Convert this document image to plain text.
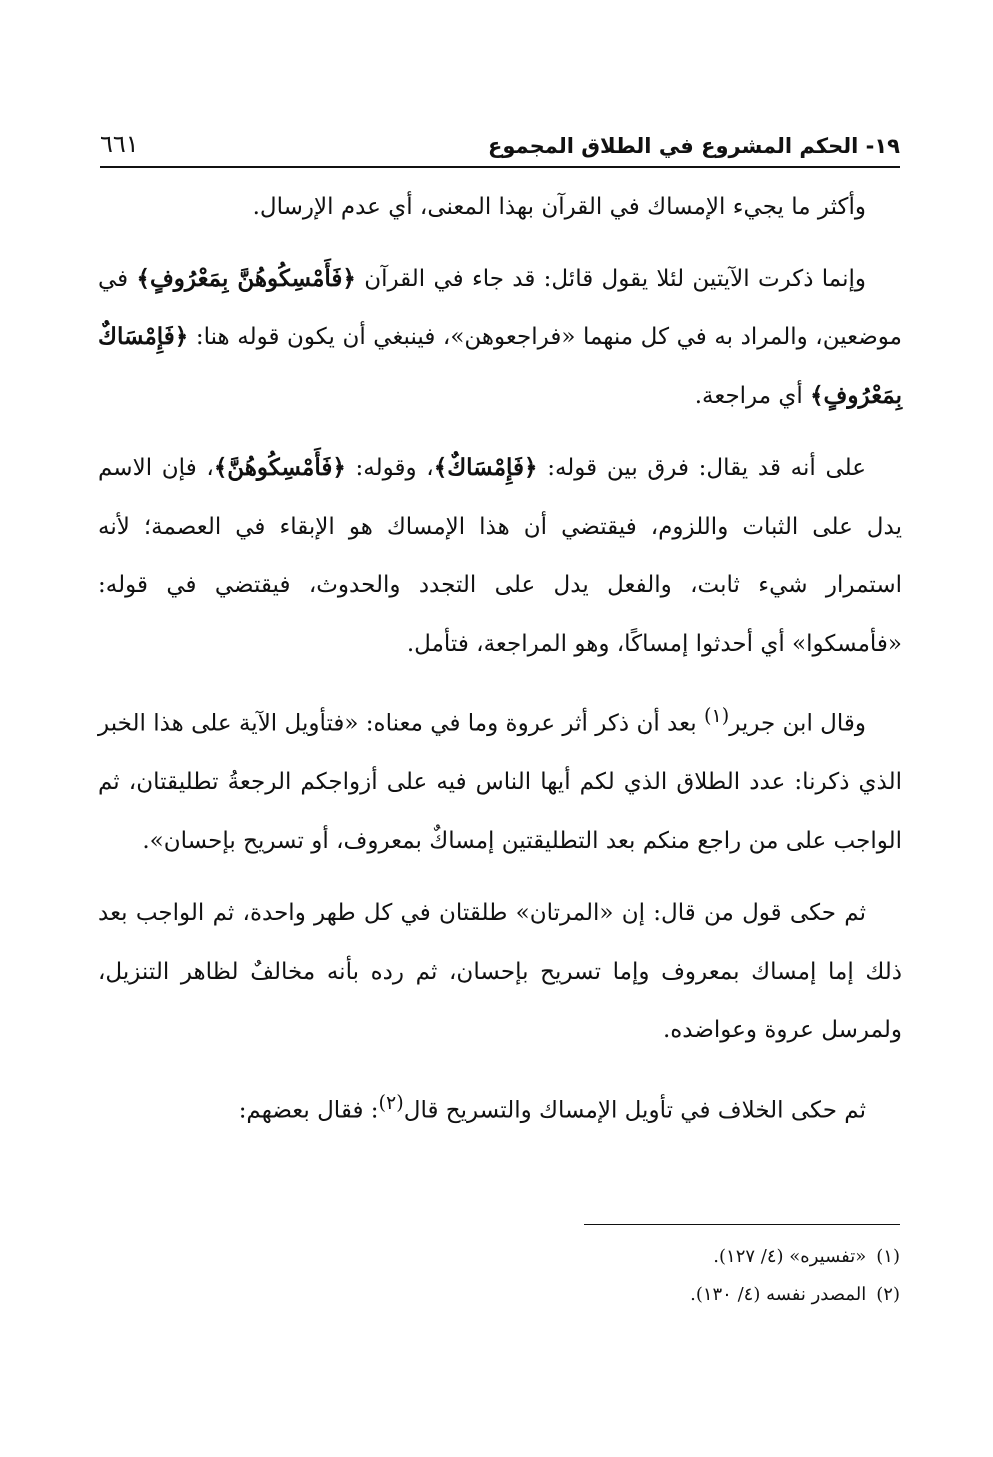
١٩- الحكم المشروع في الطلاق المجموع
٦٦١

وأكثر ما يجيء الإمساك في القرآن بهذا المعنى، أي عدم الإرسال.

وإنما ذكرت الآيتين لئلا يقول قائل: قد جاء في القرآن ﴿فَأَمْسِكُوهُنَّ بِمَعْرُوفٍ﴾ في موضعين، والمراد به في كل منهما «فراجعوهن»، فينبغي أن يكون قوله هنا: ﴿فَإِمْسَاكٌ بِمَعْرُوفٍ﴾ أي مراجعة.

على أنه قد يقال: فرق بين قوله: ﴿فَإِمْسَاكٌ﴾، وقوله: ﴿فَأَمْسِكُوهُنَّ﴾، فإن الاسم يدل على الثبات واللزوم، فيقتضي أن هذا الإمساك هو الإبقاء في العصمة؛ لأنه استمرار شيء ثابت، والفعل يدل على التجدد والحدوث، فيقتضي في قوله: «فأمسكوا» أي أحدثوا إمساكًا، وهو المراجعة، فتأمل.

وقال ابن جرير$^{(١)}$ بعد أن ذكر أثر عروة وما في معناه: «فتأويل الآية على هذا الخبر الذي ذكرنا: عدد الطلاق الذي لكم أيها الناس فيه على أزواجكم الرجعةُ تطليقتان، ثم الواجب على من راجع منكم بعد التطليقتين إمساكٌ بمعروف، أو تسريح بإحسان».

ثم حكى قول من قال: إن «المرتان» طلقتان في كل طهر واحدة، ثم الواجب بعد ذلك إما إمساك بمعروف وإما تسريح بإحسان، ثم رده بأنه مخالفٌ لظاهر التنزيل، ولمرسل عروة وعواضده.

ثم حكى الخلاف في تأويل الإمساك والتسريح قال$^{(٢)}$: فقال بعضهم:

(١)«تفسيره» (٤/ ١٢٧).
(٢)المصدر نفسه (٤/ ١٣٠).
